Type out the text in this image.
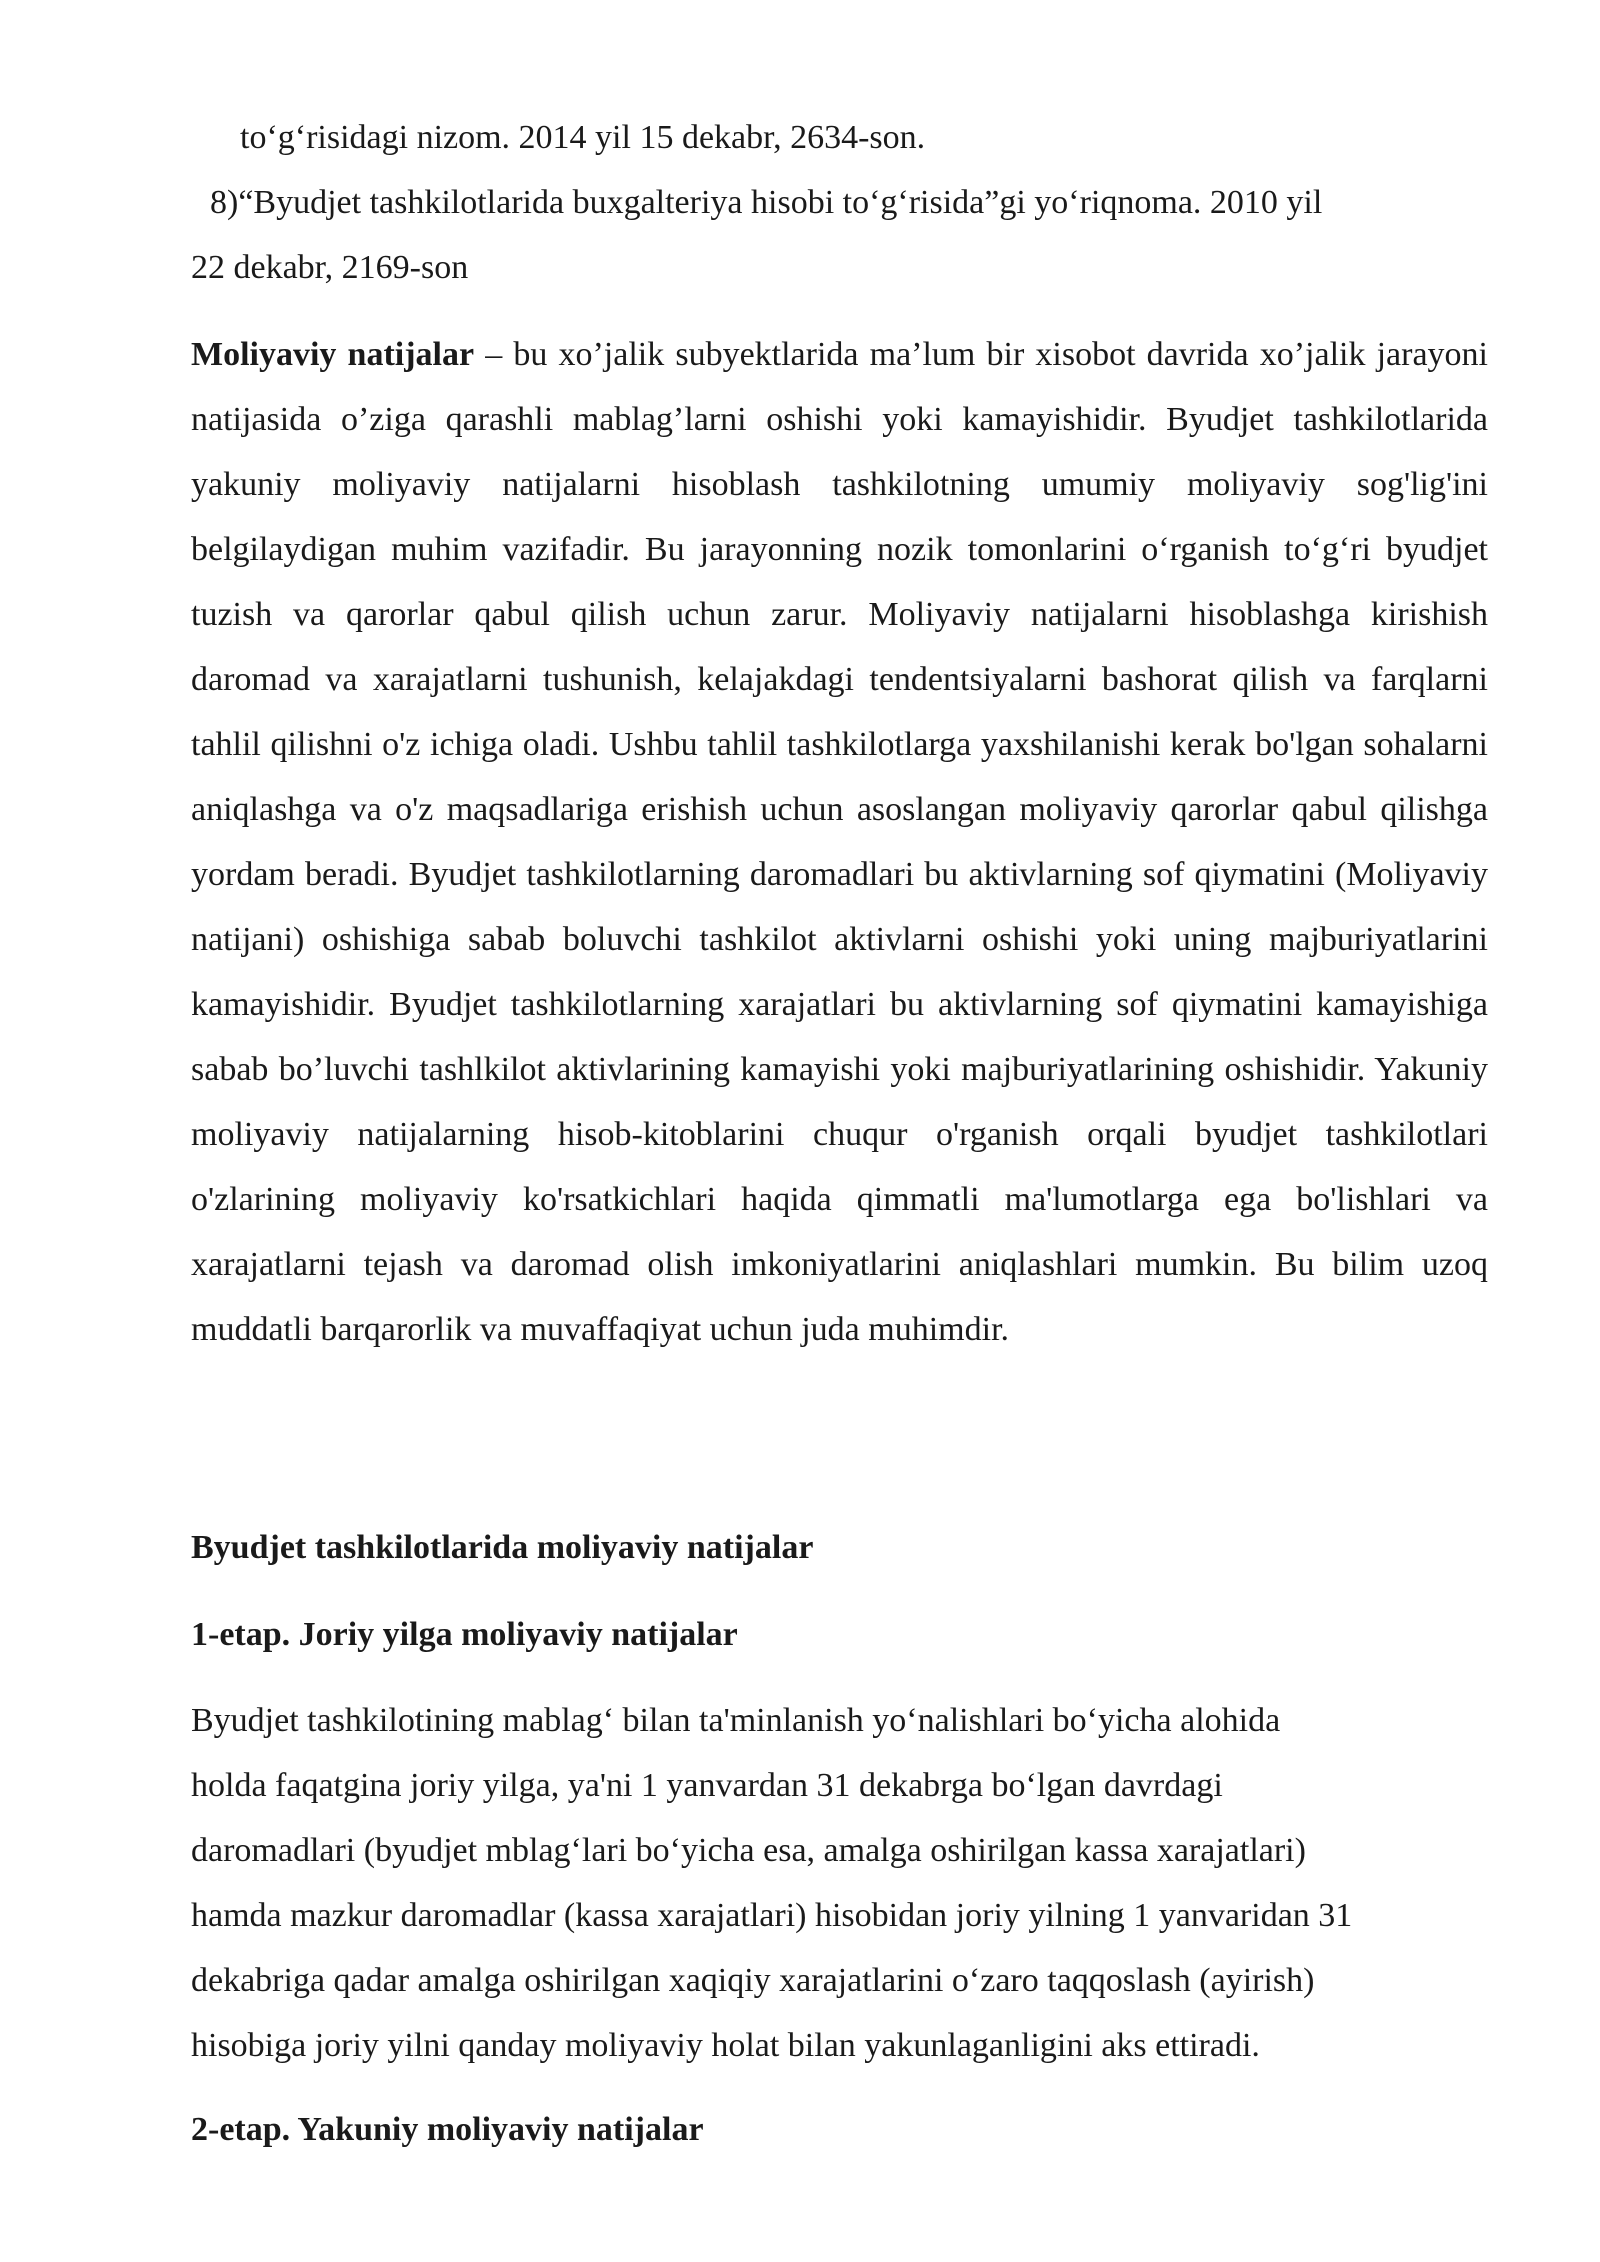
to‘g‘risidagi nizom. 2014 yil 15 dekabr, 2634-son.
8)“Byudjet tashkilotlarida buxgalteriya hisobi to‘g‘risida”gi yo‘riqnoma. 2010 yil
22 dekabr, 2169-son
Moliyaviy natijalar – bu xo’jalik subyektlarida ma’lum bir xisobot davrida xo’jalik jarayoni natijasida o’ziga qarashli mablag’larni oshishi yoki kamayishidir. Byudjet tashkilotlarida yakuniy moliyaviy natijalarni hisoblash tashkilotning umumiy moliyaviy sog'lig'ini belgilaydigan muhim vazifadir. Bu jarayonning nozik tomonlarini o‘rganish to‘g‘ri byudjet tuzish va qarorlar qabul qilish uchun zarur. Moliyaviy natijalarni hisoblashga kirishish daromad va xarajatlarni tushunish, kelajakdagi tendentsiyalarni bashorat qilish va farqlarni tahlil qilishni o'z ichiga oladi. Ushbu tahlil tashkilotlarga yaxshilanishi kerak bo'lgan sohalarni aniqlashga va o'z maqsadlariga erishish uchun asoslangan moliyaviy qarorlar qabul qilishga yordam beradi. Byudjet tashkilotlarning daromadlari bu aktivlarning sof qiymatini (Moliyaviy natijani) oshishiga sabab boluvchi tashkilot aktivlarni oshishi yoki uning majburiyatlarini kamayishidir. Byudjet tashkilotlarning xarajatlari bu aktivlarning sof qiymatini kamayishiga sabab bo’luvchi tashlkilot aktivlarining kamayishi yoki majburiyatlarining oshishidir. Yakuniy moliyaviy natijalarning hisob-kitoblarini chuqur o'rganish orqali byudjet tashkilotlari o'zlarining moliyaviy ko'rsatkichlari haqida qimmatli ma'lumotlarga ega bo'lishlari va xarajatlarni tejash va daromad olish imkoniyatlarini aniqlashlari mumkin. Bu bilim uzoq muddatli barqarorlik va muvaffaqiyat uchun juda muhimdir.
Byudjet tashkilotlarida moliyaviy natijalar
1-etap. Joriy yilga moliyaviy natijalar
Byudjet tashkilotining mablag‘ bilan ta'minlanish yo‘nalishlari bo‘yicha alohida
holda faqatgina joriy yilga, ya'ni 1 yanvardan 31 dekabrga bo‘lgan davrdagi
daromadlari (byudjet mblag‘lari bo‘yicha esa, amalga oshirilgan kassa xarajatlari)
hamda mazkur daromadlar (kassa xarajatlari) hisobidan joriy yilning 1 yanvaridan 31
dekabriga qadar amalga oshirilgan xaqiqiy xarajatlarini o‘zaro taqqoslash (ayirish)
hisobiga joriy yilni qanday moliyaviy holat bilan yakunlaganligini aks ettiradi.
2-etap. Yakuniy moliyaviy natijalar
